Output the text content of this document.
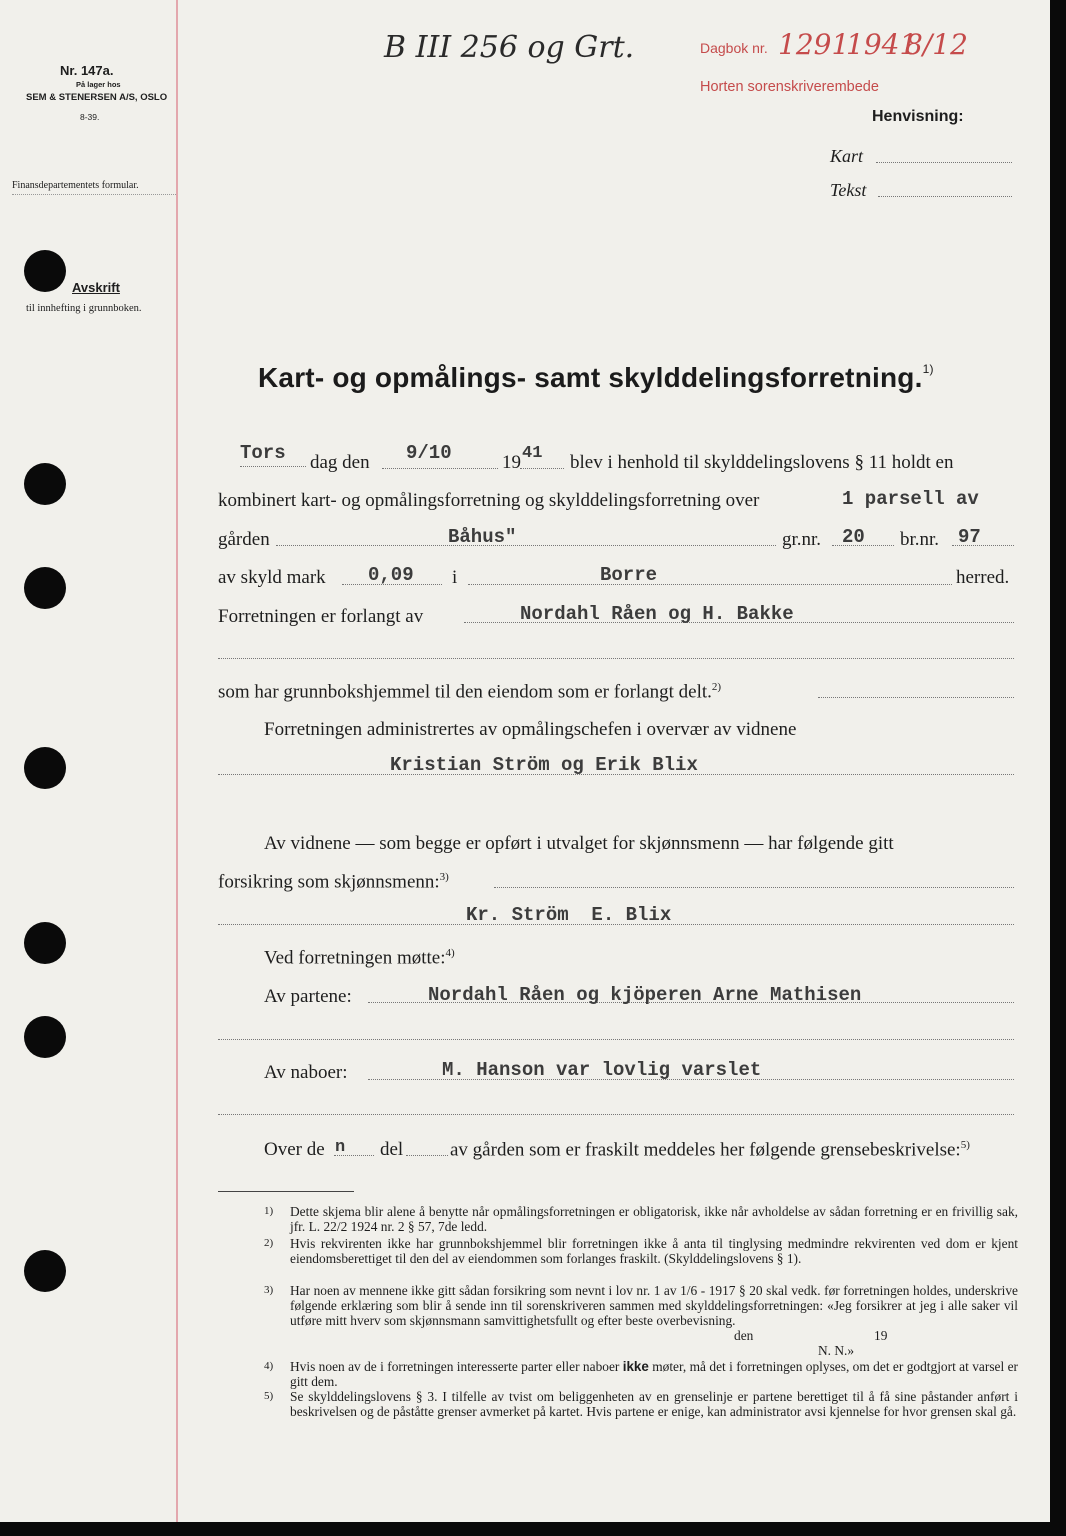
Nr. 147a.
På lager hos
SEM & STENERSEN A/S, OSLO
8-39.
Finansdepartementets formular.
Avskrift
til innhefting i grunnboken.
B III 256 og Grt.	Dagbok nr. 1291
1941
8/12
Horten sorenskriverembede
Henvisning:
Kart
Tekst
Kart- og opmålings- samt skylddelingsforretning.$^{1)}$
Tors dag den 9/10	19 41 blev i henhold til skylddelingslovens § 11 holdt en
kombinert kart- og opmålingsforretning og skylddelingsforretning over	1 parsell av
gården	Båhus"	gr.nr. 20 br.nr. 97
av skyld mark 0,09 i	Borre	herred.
Forretningen er forlangt av	Nordahl Råen og H. Bakke
som har grunnbokshjemmel til den eiendom som er forlangt delt.$^{2)}$
Forretningen administrertes av opmålingschefen i overvær av vidnene
Kristian Ström og Erik Blix
Av vidnene — som begge er opført i utvalget for skjønnsmenn — har følgende gitt
forsikring som skjønnsmenn:$^{3)}$
Kr. Ström  E. Blix
Ved forretningen møtte:$^{4)}$
Av partene:	Nordahl Råen og kjöperen Arne Mathisen
Av naboer:	M. Hanson var lovlig varslet
Over de n del av gården som er fraskilt meddeles her følgende grensebeskrivelse:$^{5)}$
1) Dette skjema blir alene å benytte når opmålingsforretningen er obligatorisk, ikke når avholdelse av sådan forretning er en frivillig sak, jfr. L. 22/2 1924 nr. 2 § 57, 7de ledd.
2) Hvis rekvirenten ikke har grunnbokshjemmel blir forretningen ikke å anta til tinglysing medmindre rekvirenten ved dom er kjent eiendomsberettiget til den del av eiendommen som forlanges fraskilt. (Skylddelingslovens § 1).
3) Har noen av mennene ikke gitt sådan forsikring som nevnt i lov nr. 1 av 1/6 - 1917 § 20 skal vedk. før forretningen holdes, underskrive følgende erklæring som blir å sende inn til sorenskriveren sammen med skylddelingsforretningen: «Jeg forsikrer at jeg i alle saker vil utføre mitt hverv som skjønnsmann samvittighetsfullt og efter beste overbevisning.
den	19
N. N.»
4) Hvis noen av de i forretningen interesserte parter eller naboer ikke møter, må det i forretningen oplyses, om det er godtgjort at varsel er gitt dem.
5) Se skylddelingslovens § 3. I tilfelle av tvist om beliggenheten av en grenselinje er partene berettiget til å få sine påstander anført i beskrivelsen og de påståtte grenser avmerket på kartet. Hvis partene er enige, kan administrator avsi kjennelse for hvor grensen skal gå.
